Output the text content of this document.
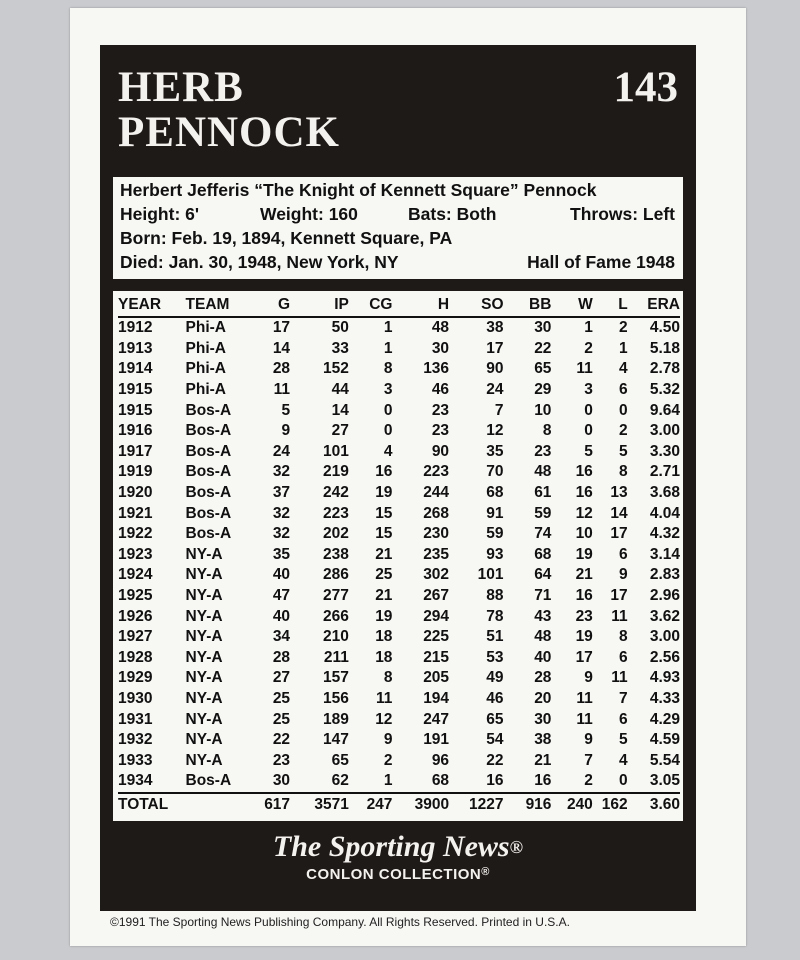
HERB
PENNOCK
143
Herbert Jefferis “The Knight of Kennett Square” Pennock
Height: 6'	Weight: 160	Bats: Both	Throws: Left
Born: Feb. 19, 1894, Kennett Square, PA
Died: Jan. 30, 1948, New York, NY	Hall of Fame 1948
YEAR	TEAM	G	IP	CG	H	SO	BB	W	L	ERA
1912	Phi-A	17	50	1	48	38	30	1	2	4.50
1913	Phi-A	14	33	1	30	17	22	2	1	5.18
1914	Phi-A	28	152	8	136	90	65	11	4	2.78
1915	Phi-A	11	44	3	46	24	29	3	6	5.32
1915	Bos-A	5	14	0	23	7	10	0	0	9.64
1916	Bos-A	9	27	0	23	12	8	0	2	3.00
1917	Bos-A	24	101	4	90	35	23	5	5	3.30
1919	Bos-A	32	219	16	223	70	48	16	8	2.71
1920	Bos-A	37	242	19	244	68	61	16	13	3.68
1921	Bos-A	32	223	15	268	91	59	12	14	4.04
1922	Bos-A	32	202	15	230	59	74	10	17	4.32
1923	NY-A	35	238	21	235	93	68	19	6	3.14
1924	NY-A	40	286	25	302	101	64	21	9	2.83
1925	NY-A	47	277	21	267	88	71	16	17	2.96
1926	NY-A	40	266	19	294	78	43	23	11	3.62
1927	NY-A	34	210	18	225	51	48	19	8	3.00
1928	NY-A	28	211	18	215	53	40	17	6	2.56
1929	NY-A	27	157	8	205	49	28	9	11	4.93
1930	NY-A	25	156	11	194	46	20	11	7	4.33
1931	NY-A	25	189	12	247	65	30	11	6	4.29
1932	NY-A	22	147	9	191	54	38	9	5	4.59
1933	NY-A	23	65	2	96	22	21	7	4	5.54
1934	Bos-A	30	62	1	68	16	16	2	0	3.05
TOTAL		617	3571	247	3900	1227	916	240	162	3.60
The Sporting News®
CONLON COLLECTION®
©1991 The Sporting News Publishing Company. All Rights Reserved. Printed in U.S.A.
